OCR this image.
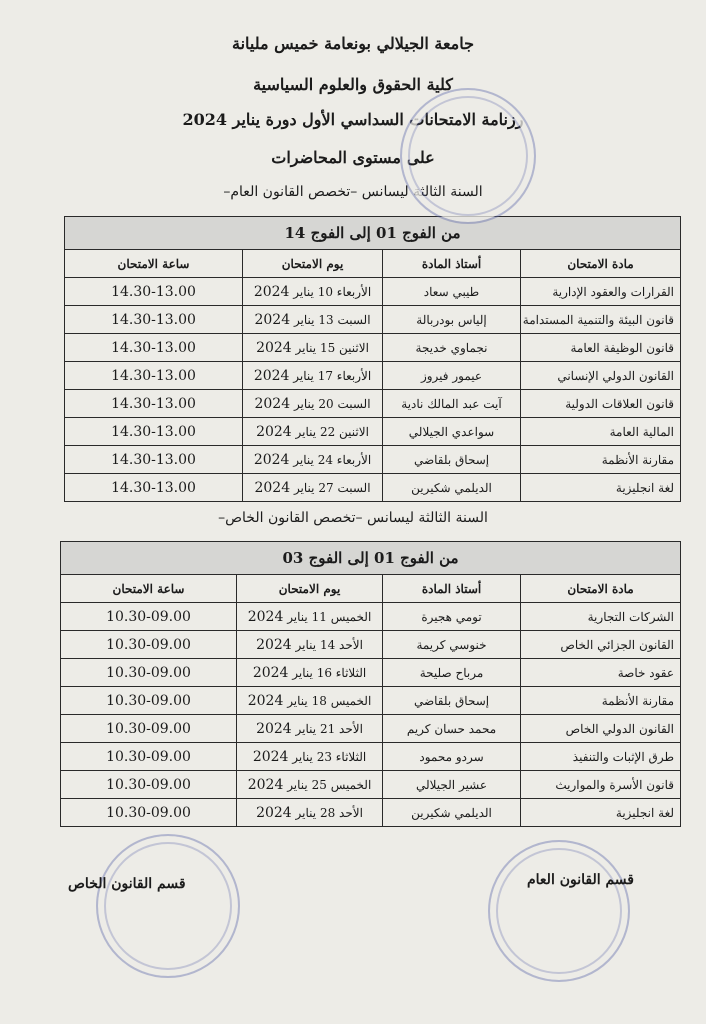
جامعة الجيلالي بونعامة خميس مليانة
كلية الحقوق والعلوم السياسية
رزنامة الامتحانات السداسي الأول دورة يناير 2024
على مستوى المحاضرات
السنة الثالثة ليسانس –تخصص القانون العام–
من الفوج 01 إلى الفوج 14			
مادة الامتحان	أستاذ المادة	يوم الامتحان	ساعة الامتحان
القرارات والعقود الإدارية	طيبي سعاد	الأربعاء 10 يناير 2024	14.30-13.00
قانون البيئة والتنمية المستدامة	إلياس بودربالة	السبت 13 يناير 2024	14.30-13.00
قانون الوظيفة العامة	نجماوي خديجة	الاثنين 15 يناير 2024	14.30-13.00
القانون الدولي الإنساني	عيمور فيروز	الأربعاء 17 يناير 2024	14.30-13.00
قانون العلاقات الدولية	آيت عبد المالك نادية	السبت 20 يناير 2024	14.30-13.00
المالية العامة	سواعدي الجيلالي	الاثنين 22 يناير 2024	14.30-13.00
مقارنة الأنظمة	إسحاق بلقاضي	الأربعاء 24 يناير 2024	14.30-13.00
لغة انجليزية	الديلمي شكيرين	السبت 27 يناير 2024	14.30-13.00
السنة الثالثة ليسانس –تخصص القانون الخاص–
من الفوج 01 إلى الفوج 03			
مادة الامتحان	أستاذ المادة	يوم الامتحان	ساعة الامتحان
الشركات التجارية	تومي هجيرة	الخميس 11 يناير 2024	10.30-09.00
القانون الجزائي الخاص	خنوسي كريمة	الأحد 14 يناير 2024	10.30-09.00
عقود خاصة	مرباح صليحة	الثلاثاء 16 يناير 2024	10.30-09.00
مقارنة الأنظمة	إسحاق بلقاضي	الخميس 18 يناير 2024	10.30-09.00
القانون الدولي الخاص	محمد حسان كريم	الأحد 21 يناير 2024	10.30-09.00
طرق الإثبات والتنفيذ	سردو محمود	الثلاثاء 23 يناير 2024	10.30-09.00
قانون الأسرة والمواريث	عشير الجيلالي	الخميس 25 يناير 2024	10.30-09.00
لغة انجليزية	الديلمي شكيرين	الأحد 28 يناير 2024	10.30-09.00
قسم القانون العام
قسم القانون الخاص
